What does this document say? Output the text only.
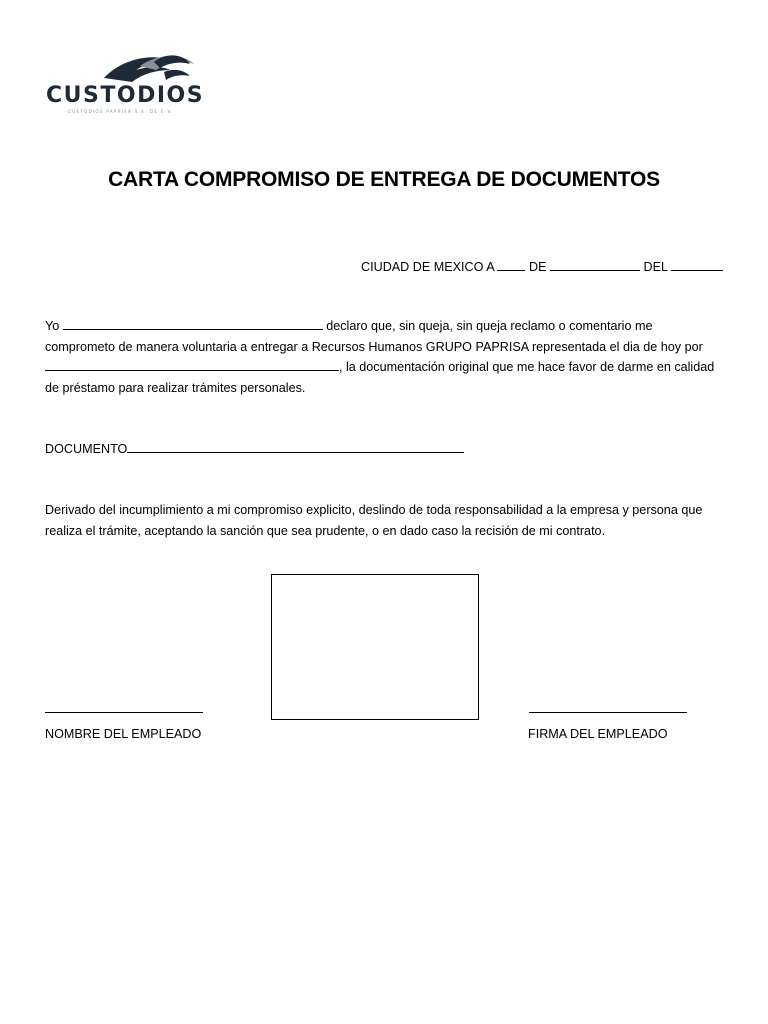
CUSTODIOS
CUSTODIOS PAPRISA S.A. DE C.V.
CARTA COMPROMISO DE ENTREGA DE DOCUMENTOS
CIUDAD DE MEXICO A  DE	DEL
Yo	declaro que, sin queja, sin queja reclamo o comentario me comprometo de manera voluntaria a entregar a Recursos Humanos GRUPO PAPRISA representada el dia de hoy por , la documentación original que me hace favor de darme en calidad de préstamo para realizar trámites personales.
DOCUMENTO
Derivado del incumplimiento a mi compromiso explicito, deslindo de toda responsabilidad a la empresa y persona que realiza el trámite, aceptando la sanción que sea prudente, o en dado caso la recisión de mi contrato.
NOMBRE DEL EMPLEADO	FIRMA DEL EMPLEADO
